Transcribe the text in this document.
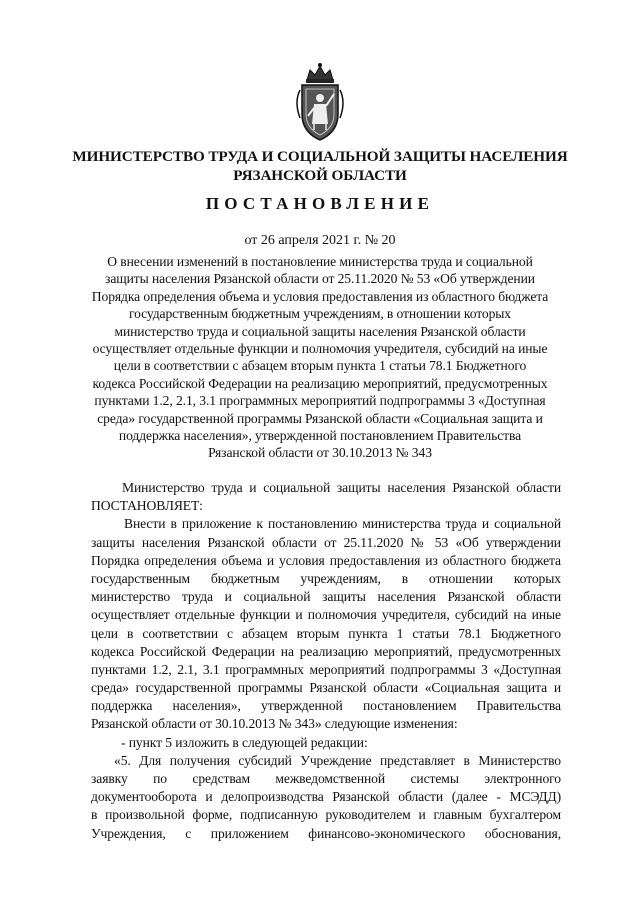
МИНИСТЕРСТВО ТРУДА И СОЦИАЛЬНОЙ ЗАЩИТЫ НАСЕЛЕНИЯ
РЯЗАНСКОЙ ОБЛАСТИ
ПОСТАНОВЛЕНИЕ
от 26 апреля 2021 г. № 20
О внесении изменений в постановление министерства труда и социальной
защиты населения Рязанской области от 25.11.2020 № 53 «Об утверждении
Порядка определения объема и условия предоставления из областного бюджета
государственным бюджетным учреждениям, в отношении которых
министерство труда и социальной защиты населения Рязанской области
осуществляет отдельные функции и полномочия учредителя, субсидий на иные
цели в соответствии с абзацем вторым пункта 1 статьи 78.1 Бюджетного
кодекса Российской Федерации на реализацию мероприятий, предусмотренных
пунктами 1.2, 2.1, 3.1 программных мероприятий подпрограммы 3 «Доступная
среда» государственной программы Рязанской области «Социальная защита и
поддержка населения», утвержденной постановлением Правительства
Рязанской области от 30.10.2013 № 343
Министерство труда и социальной защиты населения Рязанской области
ПОСТАНОВЛЯЕТ:
Внести в приложение к постановлению министерства труда и социальной
защиты населения Рязанской области от 25.11.2020 № 53 «Об утверждении
Порядка определения объема и условия предоставления из областного бюджета
государственным бюджетным учреждениям, в отношении которых
министерство труда и социальной защиты населения Рязанской области
осуществляет отдельные функции и полномочия учредителя, субсидий на иные
цели в соответствии с абзацем вторым пункта 1 статьи 78.1 Бюджетного
кодекса Российской Федерации на реализацию мероприятий, предусмотренных
пунктами 1.2, 2.1, 3.1 программных мероприятий подпрограммы 3 «Доступная
среда» государственной программы Рязанской области «Социальная защита и
поддержка населения», утвержденной постановлением Правительства
Рязанской области от 30.10.2013 № 343» следующие изменения:
- пункт 5 изложить в следующей редакции:
«5. Для получения субсидий Учреждение представляет в Министерство
заявку по средствам межведомственной системы электронного
документооборота и делопроизводства Рязанской области (далее - МСЭДД)
в произвольной форме, подписанную руководителем и главным бухгалтером
Учреждения, с приложением финансово-экономического обоснования,
